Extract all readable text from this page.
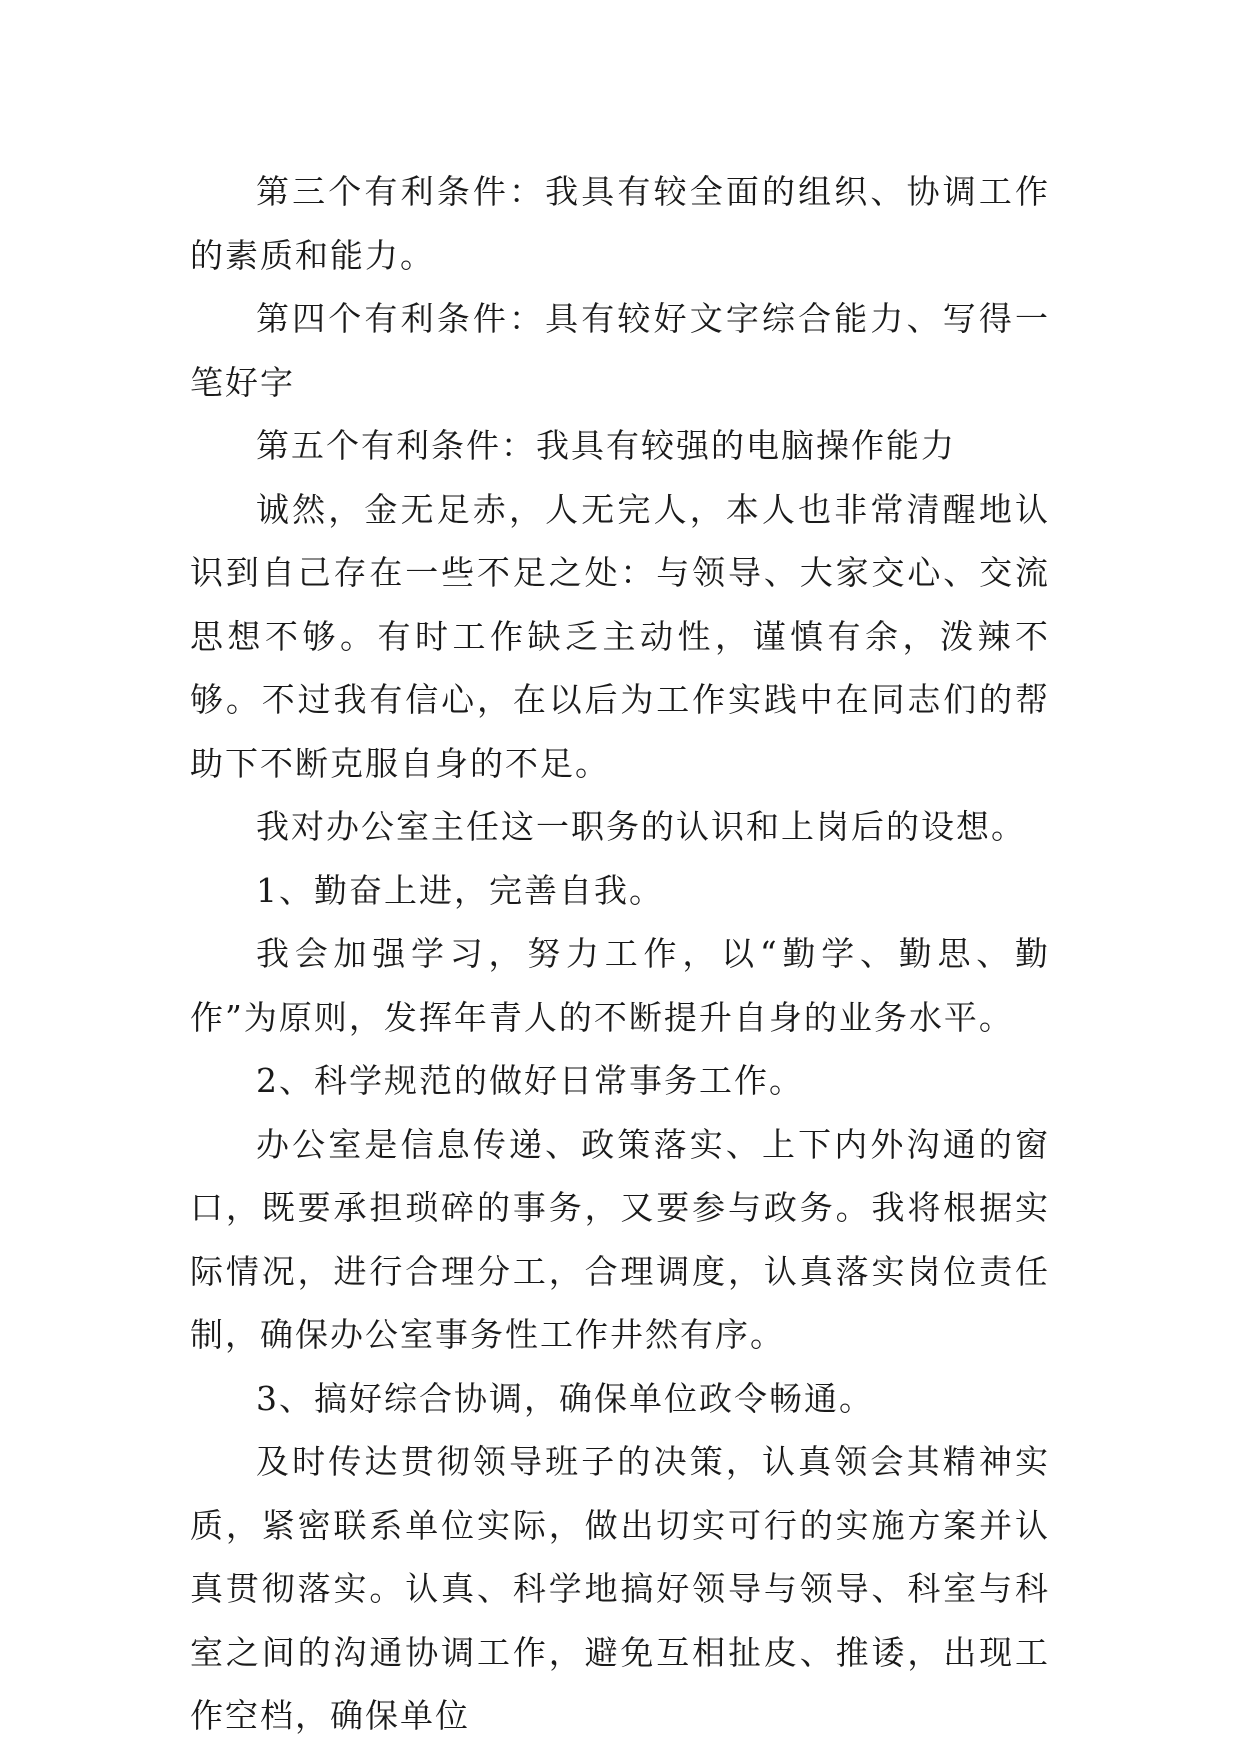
第三个有利条件：我具有较全面的组织、协调工作的素质和能力。

第四个有利条件：具有较好文字综合能力、写得一笔好字

第五个有利条件：我具有较强的电脑操作能力

诚然，金无足赤，人无完人，本人也非常清醒地认识到自己存在一些不足之处：与领导、大家交心、交流思想不够。有时工作缺乏主动性，谨慎有余，泼辣不够。不过我有信心，在以后为工作实践中在同志们的帮助下不断克服自身的不足。

我对办公室主任这一职务的认识和上岗后的设想。

1、勤奋上进，完善自我。

我会加强学习，努力工作，以“勤学、勤思、勤作”为原则，发挥年青人的不断提升自身的业务水平。

2、科学规范的做好日常事务工作。

办公室是信息传递、政策落实、上下内外沟通的窗口，既要承担琐碎的事务，又要参与政务。我将根据实际情况，进行合理分工，合理调度，认真落实岗位责任制，确保办公室事务性工作井然有序。

3、搞好综合协调，确保单位政令畅通。

及时传达贯彻领导班子的决策，认真领会其精神实质，紧密联系单位实际，做出切实可行的实施方案并认真贯彻落实。认真、科学地搞好领导与领导、科室与科室之间的沟通协调工作，避免互相扯皮、推诿，出现工作空档，确保单位
